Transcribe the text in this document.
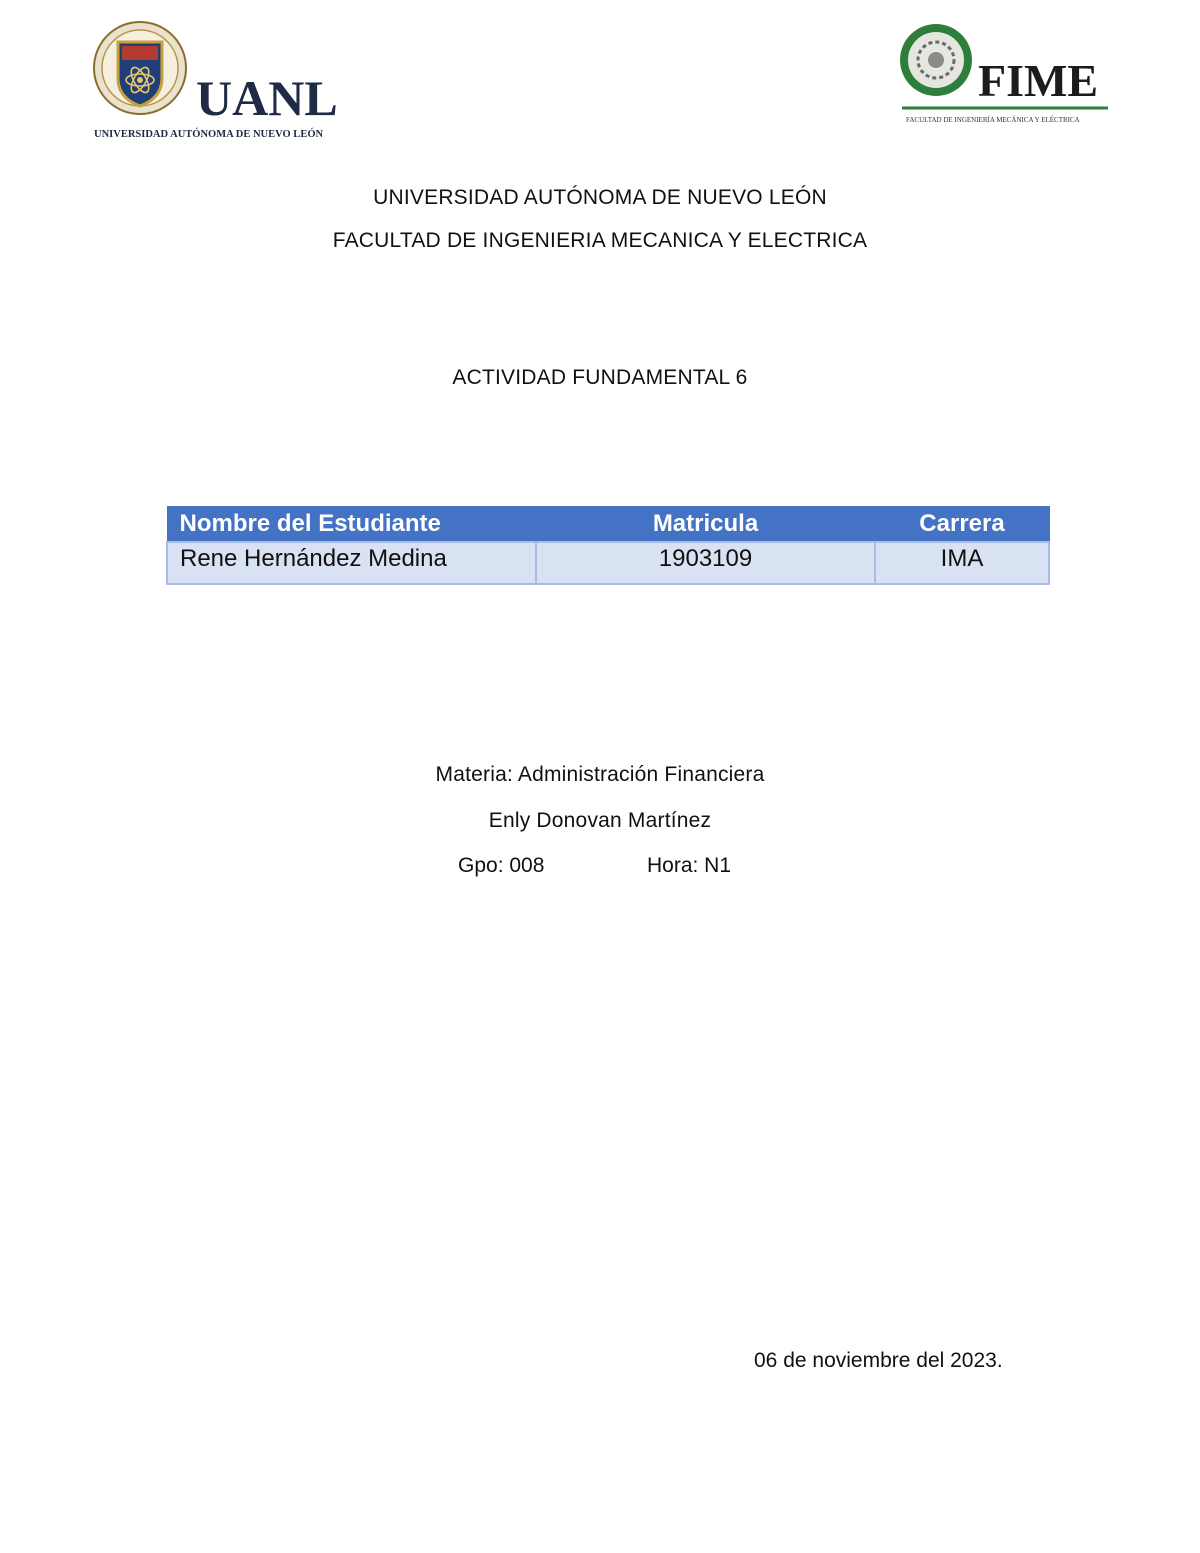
UANL
UNIVERSIDAD AUTÓNOMA DE NUEVO LEÓN
FIME
FACULTAD DE INGENIERÍA MECÁNICA Y ELÉCTRICA
UNIVERSIDAD AUTÓNOMA DE NUEVO LEÓN
FACULTAD DE INGENIERIA MECANICA Y ELECTRICA
ACTIVIDAD FUNDAMENTAL 6
Nombre del Estudiante	Matricula	Carrera
Rene Hernández Medina	1903109	IMA
Materia: Administración Financiera
Enly Donovan Martínez
Gpo: 008	Hora: N1
06 de noviembre del 2023.
